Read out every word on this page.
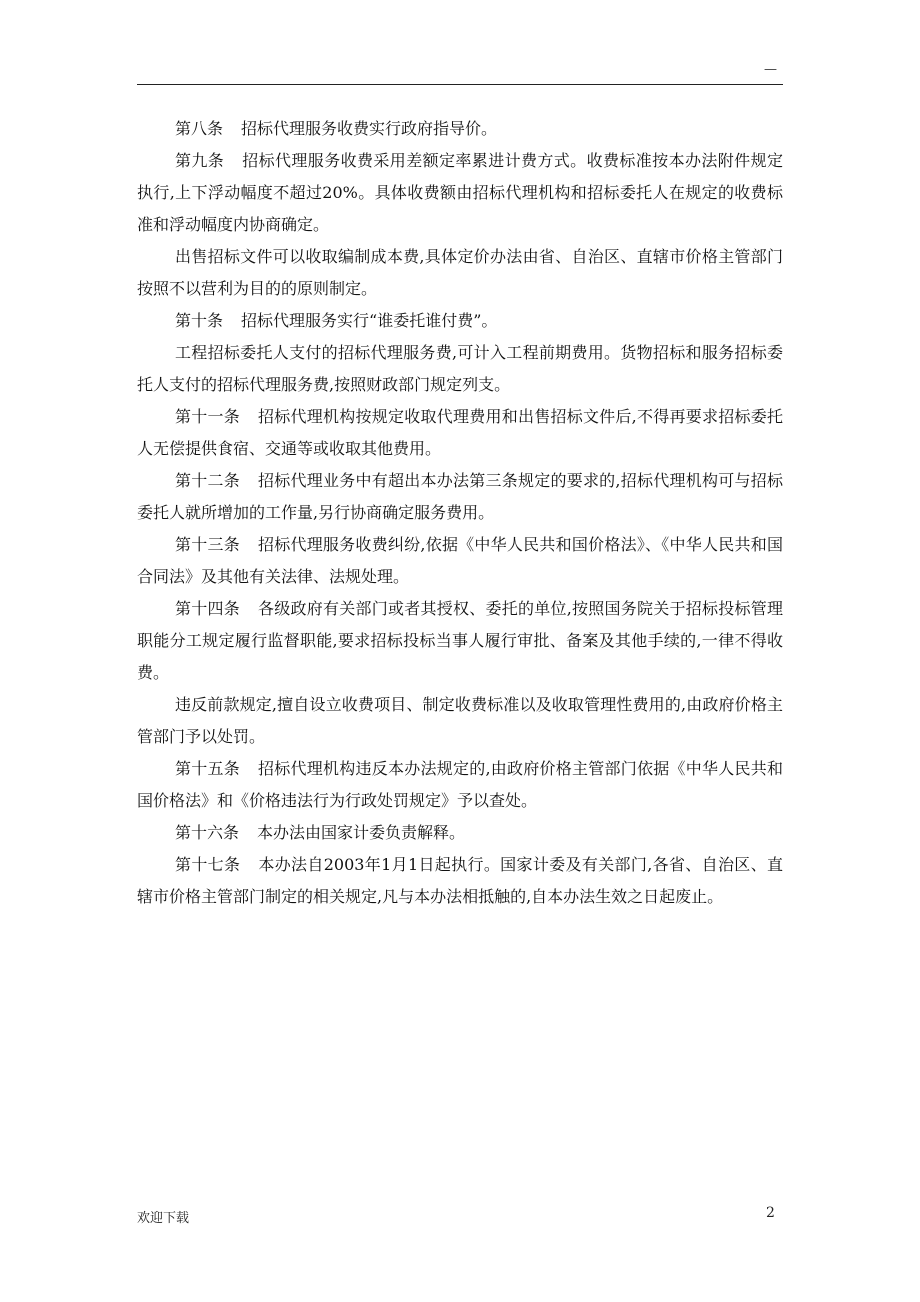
—

第八条 招标代理服务收费实行政府指导价。

第九条 招标代理服务收费采用差额定率累进计费方式。收费标准按本办法附件规定执行,上下浮动幅度不超过20%。具体收费额由招标代理机构和招标委托人在规定的收费标准和浮动幅度内协商确定。

出售招标文件可以收取编制成本费,具体定价办法由省、自治区、直辖市价格主管部门按照不以营利为目的的原则制定。

第十条 招标代理服务实行“谁委托谁付费”。

工程招标委托人支付的招标代理服务费,可计入工程前期费用。货物招标和服务招标委托人支付的招标代理服务费,按照财政部门规定列支。

第十一条 招标代理机构按规定收取代理费用和出售招标文件后,不得再要求招标委托人无偿提供食宿、交通等或收取其他费用。

第十二条 招标代理业务中有超出本办法第三条规定的要求的,招标代理机构可与招标委托人就所增加的工作量,另行协商确定服务费用。

第十三条 招标代理服务收费纠纷,依据《中华人民共和国价格法》、《中华人民共和国合同法》及其他有关法律、法规处理。

第十四条 各级政府有关部门或者其授权、委托的单位,按照国务院关于招标投标管理职能分工规定履行监督职能,要求招标投标当事人履行审批、备案及其他手续的,一律不得收费。

违反前款规定,擅自设立收费项目、制定收费标准以及收取管理性费用的,由政府价格主管部门予以处罚。

第十五条 招标代理机构违反本办法规定的,由政府价格主管部门依据《中华人民共和国价格法》和《价格违法行为行政处罚规定》予以查处。

第十六条 本办法由国家计委负责解释。

第十七条 本办法自2003年1月1日起执行。国家计委及有关部门,各省、自治区、直辖市价格主管部门制定的相关规定,凡与本办法相抵触的,自本办法生效之日起废止。

欢迎下载	2
